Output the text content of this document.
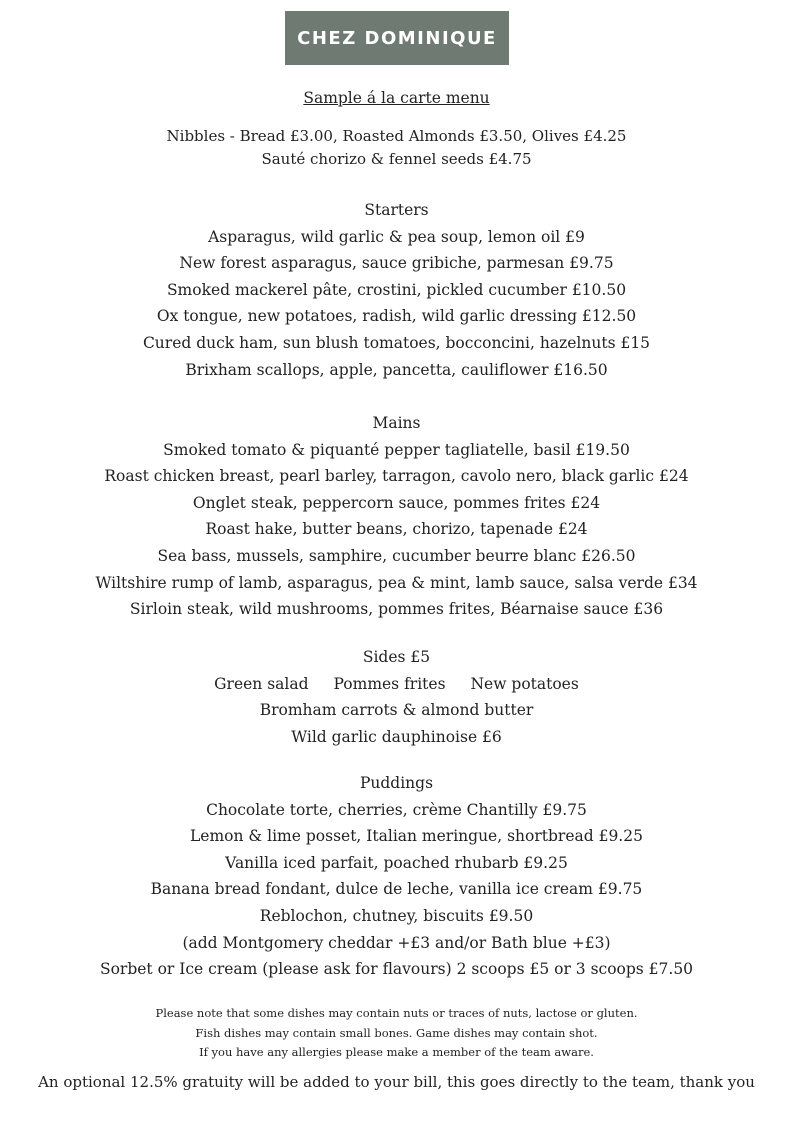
CHEZ DOMINIQUE
Sample á la carte menu
Nibbles - Bread £3.00, Roasted Almonds £3.50, Olives £4.25
Sauté chorizo & fennel seeds £4.75
Starters
Asparagus, wild garlic & pea soup, lemon oil £9
New forest asparagus, sauce gribiche, parmesan £9.75
Smoked mackerel pâte, crostini, pickled cucumber £10.50
Ox tongue, new potatoes, radish, wild garlic dressing £12.50
Cured duck ham, sun blush tomatoes, bocconcini, hazelnuts £15
Brixham scallops, apple, pancetta, cauliflower £16.50
Mains
Smoked tomato & piquanté pepper tagliatelle, basil £19.50
Roast chicken breast, pearl barley, tarragon, cavolo nero, black garlic £24
Onglet steak, peppercorn sauce, pommes frites £24
Roast hake, butter beans, chorizo, tapenade £24
Sea bass, mussels, samphire, cucumber beurre blanc £26.50
Wiltshire rump of lamb, asparagus, pea & mint, lamb sauce, salsa verde £34
Sirloin steak, wild mushrooms, pommes frites, Béarnaise sauce £36
Sides £5
Green salad Pommes frites New potatoes
Bromham carrots & almond butter
Wild garlic dauphinoise £6
Puddings
Chocolate torte, cherries, crème Chantilly £9.75
Lemon & lime posset, Italian meringue, shortbread £9.25
Vanilla iced parfait, poached rhubarb £9.25
Banana bread fondant, dulce de leche, vanilla ice cream £9.75
Reblochon, chutney, biscuits £9.50
(add Montgomery cheddar +£3 and/or Bath blue +£3)
Sorbet or Ice cream (please ask for flavours) 2 scoops £5 or 3 scoops £7.50
Please note that some dishes may contain nuts or traces of nuts, lactose or gluten.
Fish dishes may contain small bones. Game dishes may contain shot.
If you have any allergies please make a member of the team aware.
An optional 12.5% gratuity will be added to your bill, this goes directly to the team, thank you
